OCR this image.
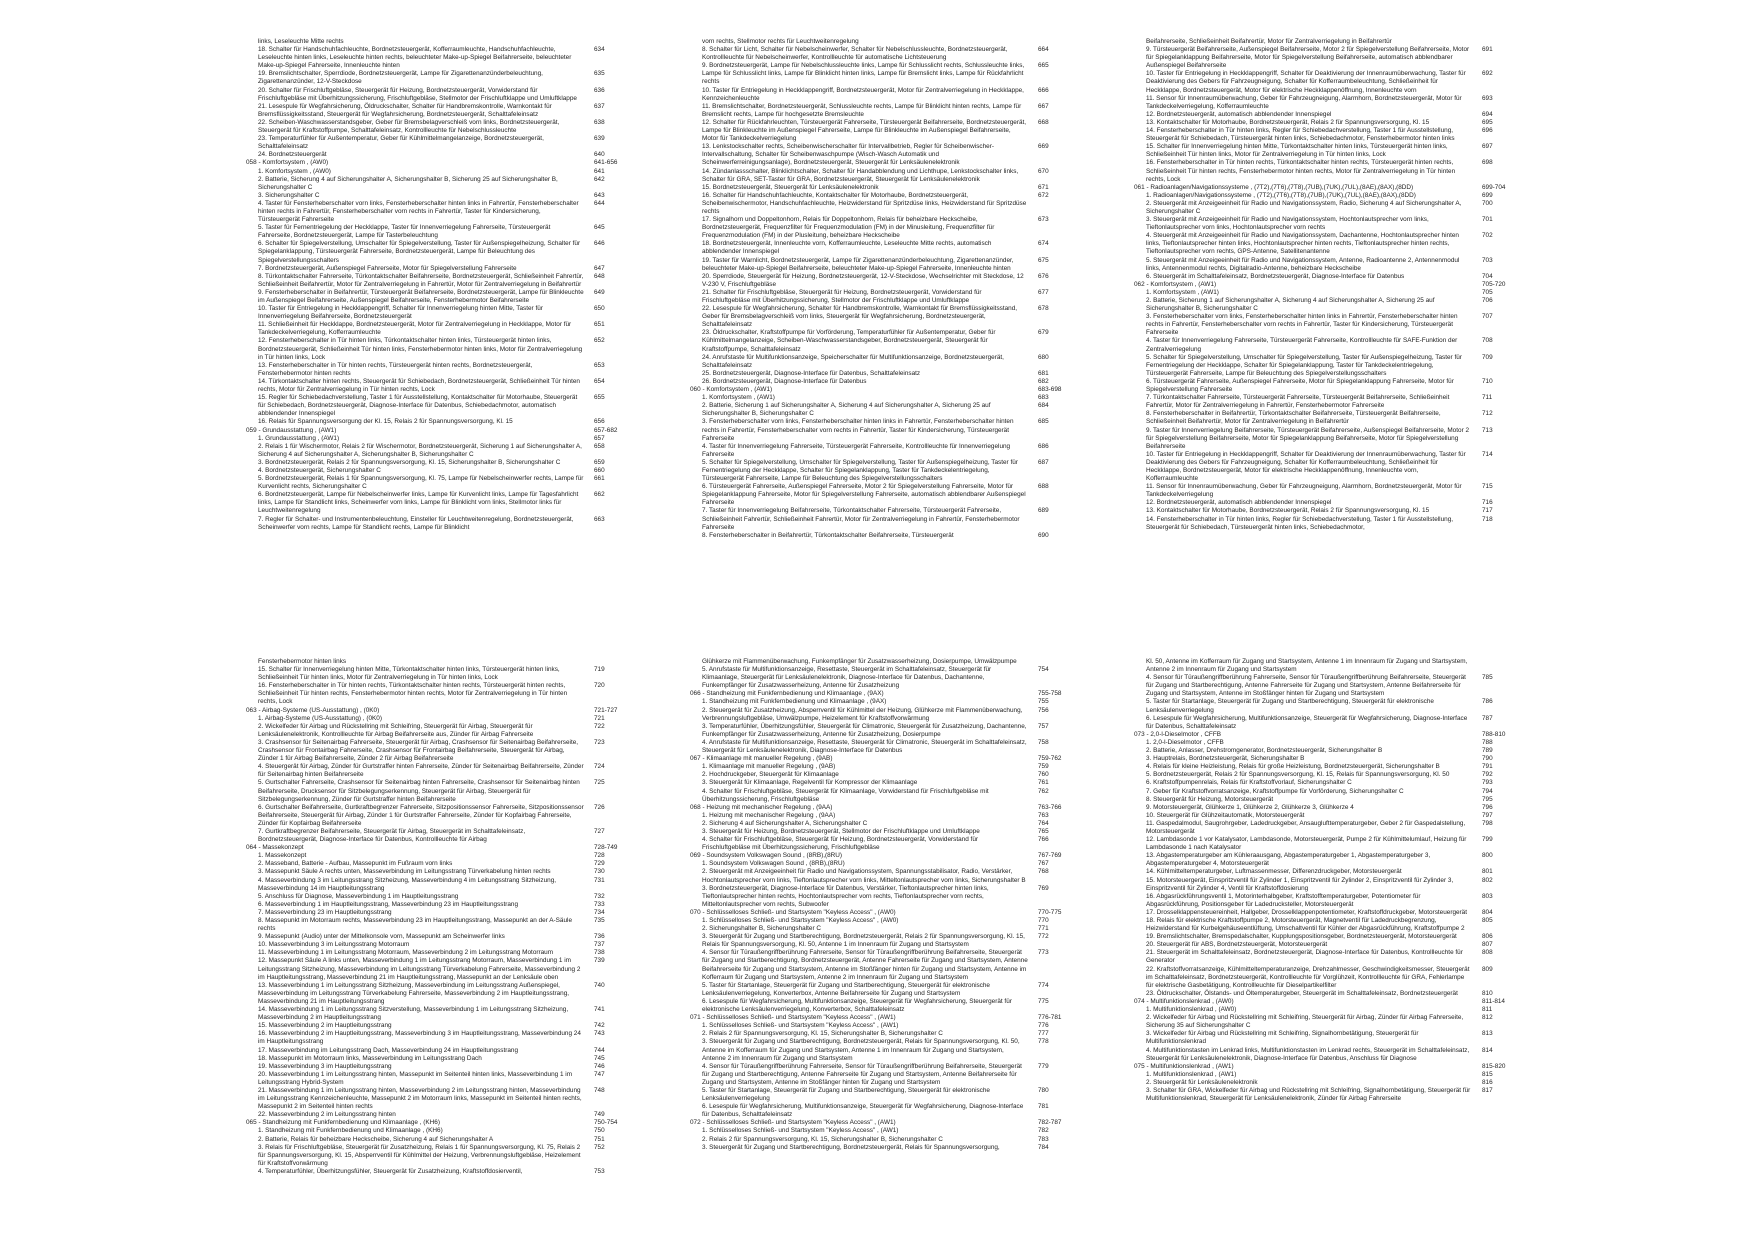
links, Leseleuchte Mitte rechts
18. Schalter für Handschuhfachleuchte, Bordnetzsteuergerät, Kofferraumleuchte, Handschuhfachleuchte, Leseleuchte hinten links, Leseleuchte hinten rechts, beleuchteter Make-up-Spiegel Beifahrerseite, beleuchteter Make-up-Spiegel Fahrerseite, Innenleuchte hinten
634
19. Bremslichtschalter, Sperrdiode, Bordnetzsteuergerät, Lampe für Zigarettenanzünderbeleuchtung, Zigarettenanzünder, 12-V-Steckdose
635
20. Schalter für Frischluftgebläse, Steuergerät für Heizung, Bordnetzsteuergerät, Vorwiderstand für Frischluftgebläse mit Überhitzungssicherung, Frischluftgebläse, Stellmotor der Frischluftklappe und Umluftklappe
636
21. Lesespule für Wegfahrsicherung, Öldruckschalter, Schalter für Handbremskontrolle, Warnkontakt für Bremsflüssigkeitsstand, Steuergerät für Wegfahrsicherung, Bordnetzsteuergerät, Schalttafeleinsatz
637
22. Scheiben-Waschwasserstandsgeber, Geber für Bremsbelagverschleiß vorn links, Bordnetzsteuergerät, Steuergerät für Kraftstoffpumpe, Schalttafeleinsatz, Kontrollleuchte für Nebelschlussleuchte
638
23. Temperaturfühler für Außentemperatur, Geber für Kühlmittelmangelanzeige, Bordnetzsteuergerät, Schalttafeleinsatz
639
24. Bordnetzsteuergerät	640
058 - Komfortsystem , (AW0)	641-656
1. Komfortsystem , (AW0)	641
2. Batterie, Sicherung 4 auf Sicherungshalter A, Sicherungshalter B, Sicherung 25 auf Sicherungshalter B, Sicherungshalter C
642
3. Sicherungshalter C	643
4. Taster für Fensterheberschalter vorn links, Fensterheberschalter hinten links in Fahrertür, Fensterheberschalter hinten rechts in Fahrertür, Fensterheberschalter vorn rechts in Fahrertür, Taster für Kindersicherung, Türsteuergerät Fahrerseite
644
5. Taster für Fernentriegelung der Heckklappe, Taster für Innenverriegelung Fahrerseite, Türsteuergerät Fahrerseite, Bordnetzsteuergerät, Lampe für Tasterbeleuchtung
645
6. Schalter für Spiegelverstellung, Umschalter für Spiegelverstellung, Taster für Außenspiegelheizung, Schalter für Spiegelanklappung, Türsteuergerät Fahrerseite, Bordnetzsteuergerät, Lampe für Beleuchtung des Spiegelverstellungsschalters
646
7. Bordnetzsteuergerät, Außenspiegel Fahrerseite, Motor für Spiegelverstellung Fahrerseite	647
8. Türkontaktschalter Fahrerseite, Türkontaktschalter Beifahrerseite, Bordnetzsteuergerät, Schließeinheit Fahrertür, Schließeinheit Beifahrertür, Motor für Zentralverriegelung in Fahrertür, Motor für Zentralverriegelung in Beifahrertür
648
9. Fensterheberschalter in Beifahrertür, Türsteuergerät Beifahrerseite, Bordnetzsteuergerät, Lampe für Blinkleuchte im Außenspiegel Beifahrerseite, Außenspiegel Beifahrerseite, Fensterhebermotor Beifahrerseite
649
10. Taster für Entriegelung in Heckklappengriff, Schalter für Innenverriegelung hinten Mitte, Taster für Innenverriegelung Beifahrerseite, Bordnetzsteuergerät
650
11. Schließeinheit für Heckklappe, Bordnetzsteuergerät, Motor für Zentralverriegelung in Heckklappe, Motor für Tankdeckelverriegelung, Kofferraumleuchte
651
12. Fensterheberschalter in Tür hinten links, Türkontaktschalter hinten links, Türsteuergerät hinten links, Bordnetzsteuergerät, Schließeinheit Tür hinten links, Fensterhebermotor hinten links, Motor für Zentralverriegelung in Tür hinten links, Lock
652
13. Fensterheberschalter in Tür hinten rechts, Türsteuergerät hinten rechts, Bordnetzsteuergerät, Fensterhebermotor hinten rechts
653
14. Türkontaktschalter hinten rechts, Steuergerät für Schiebedach, Bordnetzsteuergerät, Schließeinheit Tür hinten rechts, Motor für Zentralverriegelung in Tür hinten rechts, Lock
654
15. Regler für Schiebedachverstellung, Taster 1 für Ausstellstellung, Kontaktschalter für Motorhaube, Steuergerät für Schiebedach, Bordnetzsteuergerät, Diagnose-Interface für Datenbus, Schiebedachmotor, automatisch abblendender Innenspiegel
655
16. Relais für Spannungsversorgung der Kl. 15, Relais 2 für Spannungsversorgung, Kl. 15	656
059 - Grundausstattung , (AW1)	657-682
1. Grundausstattung , (AW1)	657
2. Relais 1 für Wischermotor, Relais 2 für Wischermotor, Bordnetzsteuergerät, Sicherung 1 auf Sicherungshalter A, Sicherung 4 auf Sicherungshalter A, Sicherungshalter B, Sicherungshalter C
658
3. Bordnetzsteuergerät, Relais 2 für Spannungsversorgung, Kl. 15, Sicherungshalter B, Sicherungshalter C	659
4. Bordnetzsteuergerät, Sicherungshalter C	660
5. Bordnetzsteuergerät, Relais 1 für Spannungsversorgung, Kl. 75, Lampe für Nebelscheinwerfer rechts, Lampe für Kurvenlicht rechts, Sicherungshalter C
661
6. Bordnetzsteuergerät, Lampe für Nebelscheinwerfer links, Lampe für Kurvenlicht links, Lampe für Tagesfahrlicht links, Lampe für Standlicht links, Scheinwerfer vorn links, Lampe für Blinklicht vorn links, Stellmotor links für Leuchtweitenregelung
662
7. Regler für Schalter- und Instrumentenbeleuchtung, Einsteller für Leuchtweitenregelung, Bordnetzsteuergerät, Scheinwerfer vorn rechts, Lampe für Standlicht rechts, Lampe für Blinklicht
663
vorn rechts, Stellmotor rechts für Leuchtweitenregelung
8. Schalter für Licht, Schalter für Nebelscheinwerfer, Schalter für Nebelschlussleuchte, Bordnetzsteuergerät, Kontrollleuchte für Nebelscheinwerfer, Kontrollleuchte für automatische Lichtsteuerung
664
9. Bordnetzsteuergerät, Lampe für Nebelschlussleuchte links, Lampe für Schlusslicht rechts, Schlussleuchte links, Lampe für Schlusslicht links, Lampe für Blinklicht hinten links, Lampe für Bremslicht links, Lampe für Rückfahrlicht rechts
665
10. Taster für Entriegelung in Heckklappengriff, Bordnetzsteuergerät, Motor für Zentralverriegelung in Heckklappe, Kennzeichenleuchte
666
11. Bremslichtschalter, Bordnetzsteuergerät, Schlussleuchte rechts, Lampe für Blinklicht hinten rechts, Lampe für Bremslicht rechts, Lampe für hochgesetzte Bremsleuchte
667
12. Schalter für Rückfahrleuchten, Türsteuergerät Fahrerseite, Türsteuergerät Beifahrerseite, Bordnetzsteuergerät, Lampe für Blinkleuchte im Außenspiegel Fahrerseite, Lampe für Blinkleuchte im Außenspiegel Beifahrerseite, Motor für Tankdeckelverriegelung
668
13. Lenkstockschalter rechts, Scheibenwischerschalter für Intervallbetrieb, Regler für Scheibenwischer-Intervallschaltung, Schalter für Scheibenwaschpumpe (Wisch-Wasch Automatik und Scheinwerferreinigungsanlage), Bordnetzsteuergerät, Steuergerät für Lenksäulenelektronik
669
14. Zündanlassschalter, Blinklichtschalter, Schalter für Handabblendung und Lichthupe, Lenkstockschalter links, Schalter für GRA, SET-Taster für GRA, Bordnetzsteuergerät, Steuergerät für Lenksäulenelektronik
670
15. Bordnetzsteuergerät, Steuergerät für Lenksäulenelektronik	671
16. Schalter für Handschuhfachleuchte, Kontaktschalter für Motorhaube, Bordnetzsteuergerät, Scheibenwischermotor, Handschuhfachleuchte, Heizwiderstand für Spritzdüse links, Heizwiderstand für Spritzdüse rechts
672
17. Signalhorn und Doppeltonhorn, Relais für Doppeltonhorn, Relais für beheizbare Heckscheibe, Bordnetzsteuergerät, Frequenzfilter für Frequenzmodulation (FM) in der Minusleitung, Frequenzfilter für Frequenzmodulation (FM) in der Plusleitung, beheizbare Heckscheibe
673
18. Bordnetzsteuergerät, Innenleuchte vorn, Kofferraumleuchte, Leseleuchte Mitte rechts, automatisch abblendender Innenspiegel
674
19. Taster für Warnlicht, Bordnetzsteuergerät, Lampe für Zigarettenanzünderbeleuchtung, Zigarettenanzünder, beleuchteter Make-up-Spiegel Beifahrerseite, beleuchteter Make-up-Spiegel Fahrerseite, Innenleuchte hinten
675
20. Sperrdiode, Steuergerät für Heizung, Bordnetzsteuergerät, 12-V-Steckdose, Wechselrichter mit Steckdose, 12 V-230 V, Frischluftgebläse
676
21. Schalter für Frischluftgebläse, Steuergerät für Heizung, Bordnetzsteuergerät, Vorwiderstand für Frischluftgebläse mit Überhitzungssicherung, Stellmotor der Frischluftklappe und Umluftklappe
677
22. Lesespule für Wegfahrsicherung, Schalter für Handbremskontrolle, Warnkontakt für Bremsflüssigkeitsstand, Geber für Bremsbelagverschleiß vorn links, Steuergerät für Wegfahrsicherung, Bordnetzsteuergerät, Schalttafeleinsatz
678
23. Öldruckschalter, Kraftstoffpumpe für Vorförderung, Temperaturfühler für Außentemperatur, Geber für Kühlmittelmangelanzeige, Scheiben-Waschwasserstandsgeber, Bordnetzsteuergerät, Steuergerät für Kraftstoffpumpe, Schalttafeleinsatz
679
24. Anrufstaste für Multifunktionsanzeige, Speicherschalter für Multifunktionsanzeige, Bordnetzsteuergerät, Schalttafeleinsatz
680
25. Bordnetzsteuergerät, Diagnose-Interface für Datenbus, Schalttafeleinsatz	681
26. Bordnetzsteuergerät, Diagnose-Interface für Datenbus	682
060 - Komfortsystem , (AW1)	683-698
1. Komfortsystem , (AW1)	683
2. Batterie, Sicherung 1 auf Sicherungshalter A, Sicherung 4 auf Sicherungshalter A, Sicherung 25 auf Sicherungshalter B, Sicherungshalter C
684
3. Fensterheberschalter vorn links, Fensterheberschalter hinten links in Fahrertür, Fensterheberschalter hinten rechts in Fahrertür, Fensterheberschalter vorn rechts in Fahrertür, Taster für Kindersicherung, Türsteuergerät Fahrerseite
685
4. Taster für Innenverriegelung Fahrerseite, Türsteuergerät Fahrerseite, Kontrollleuchte für Innenverriegelung Fahrerseite
686
5. Schalter für Spiegelverstellung, Umschalter für Spiegelverstellung, Taster für Außenspiegelheizung, Taster für Fernentriegelung der Heckklappe, Schalter für Spiegelanklappung, Taster für Tankdeckelentriegelung, Türsteuergerät Fahrerseite, Lampe für Beleuchtung des Spiegelverstellungsschalters
687
6. Türsteuergerät Fahrerseite, Außenspiegel Fahrerseite, Motor 2 für Spiegelverstellung Fahrerseite, Motor für Spiegelanklappung Fahrerseite, Motor für Spiegelverstellung Fahrerseite, automatisch abblendbarer Außenspiegel Fahrerseite
688
7. Taster für Innenverriegelung Beifahrerseite, Türkontaktschalter Fahrerseite, Türsteuergerät Fahrerseite, Schließeinheit Fahrertür, Schließeinheit Fahrertür, Motor für Zentralverriegelung in Fahrertür, Fensterhebermotor Fahrerseite
689
8. Fensterheberschalter in Beifahrertür, Türkontaktschalter Beifahrerseite, Türsteuergerät	690
Beifahrerseite, Schließeinheit Beifahrertür, Motor für Zentralverriegelung in Beifahrertür
9. Türsteuergerät Beifahrerseite, Außenspiegel Beifahrerseite, Motor 2 für Spiegelverstellung Beifahrerseite, Motor für Spiegelanklappung Beifahrerseite, Motor für Spiegelverstellung Beifahrerseite, automatisch abblendbarer Außenspiegel Beifahrerseite
691
10. Taster für Entriegelung in Heckklappengriff, Schalter für Deaktivierung der Innenraumüberwachung, Taster für Deaktivierung des Gebers für Fahrzeugneigung, Schalter für Kofferraumbeleuchtung, Schließeinheit für Heckklappe, Bordnetzsteuergerät, Motor für elektrische Heckklappenöffnung, Innenleuchte vorn
692
11. Sensor für Innenraumüberwachung, Geber für Fahrzeugneigung, Alarmhorn, Bordnetzsteuergerät, Motor für Tankdeckelverriegelung, Kofferraumleuchte
693
12. Bordnetzsteuergerät, automatisch abblendender Innenspiegel	694
13. Kontaktschalter für Motorhaube, Bordnetzsteuergerät, Relais 2 für Spannungsversorgung, Kl. 15	695
14. Fensterheberschalter in Tür hinten links, Regler für Schiebedachverstellung, Taster 1 für Ausstellstellung, Steuergerät für Schiebedach, Türsteuergerät hinten links, Schiebedachmotor, Fensterhebermotor hinten links
696
15. Schalter für Innenverriegelung hinten Mitte, Türkontaktschalter hinten links, Türsteuergerät hinten links, Schließeinheit Tür hinten links, Motor für Zentralverriegelung in Tür hinten links, Lock
697
16. Fensterheberschalter in Tür hinten rechts, Türkontaktschalter hinten rechts, Türsteuergerät hinten rechts, Schließeinheit Tür hinten rechts, Fensterhebermotor hinten rechts, Motor für Zentralverriegelung in Tür hinten rechts, Lock
698
061 - Radioanlagen/Navigationssysteme , (7T2),(7T6),(7T8),(7UB),(7UK),(7UL),(8AE),(8AX),(8DD)	699-704
1. Radioanlagen/Navigationssysteme , (7T2),(7T6),(7T8),(7UB),(7UK),(7UL),(8AE),(8AX),(8DD)	699
2. Steuergerät mit Anzeigeeinheit für Radio und Navigationssystem, Radio, Sicherung 4 auf Sicherungshalter A, Sicherungshalter C
700
3. Steuergerät mit Anzeigeeinheit für Radio und Navigationssystem, Hochtonlautsprecher vorn links, Tieftonlautsprecher vorn links, Hochtonlautsprecher vorn rechts
701
4. Steuergerät mit Anzeigeeinheit für Radio und Navigationssystem, Dachantenne, Hochtonlautsprecher hinten links, Tieftonlautsprecher hinten links, Hochtonlautsprecher hinten rechts, Tieftonlautsprecher hinten rechts, Tieftonlautsprecher vorn rechts, GPS-Antenne, Satellitenantenne
702
5. Steuergerät mit Anzeigeeinheit für Radio und Navigationssystem, Antenne, Radioantenne 2, Antennenmodul links, Antennenmodul rechts, Digitalradio-Antenne, beheizbare Heckscheibe
703
6. Steuergerät im Schalttafeleinsatz, Bordnetzsteuergerät, Diagnose-Interface für Datenbus	704
062 - Komfortsystem , (AW1)	705-720
1. Komfortsystem , (AW1)	705
2. Batterie, Sicherung 1 auf Sicherungshalter A, Sicherung 4 auf Sicherungshalter A, Sicherung 25 auf Sicherungshalter B, Sicherungshalter C
706
3. Fensterheberschalter vorn links, Fensterheberschalter hinten links in Fahrertür, Fensterheberschalter hinten rechts in Fahrertür, Fensterheberschalter vorn rechts in Fahrertür, Taster für Kindersicherung, Türsteuergerät Fahrerseite
707
4. Taster für Innenverriegelung Fahrerseite, Türsteuergerät Fahrerseite, Kontrollleuchte für SAFE-Funktion der Zentralverriegelung
708
5. Schalter für Spiegelverstellung, Umschalter für Spiegelverstellung, Taster für Außenspiegelheizung, Taster für Fernentriegelung der Heckklappe, Schalter für Spiegelanklappung, Taster für Tankdeckelentriegelung, Türsteuergerät Fahrerseite, Lampe für Beleuchtung des Spiegelverstellungsschalters
709
6. Türsteuergerät Fahrerseite, Außenspiegel Fahrerseite, Motor für Spiegelanklappung Fahrerseite, Motor für Spiegelverstellung Fahrerseite
710
7. Türkontaktschalter Fahrerseite, Türsteuergerät Fahrerseite, Türsteuergerät Beifahrerseite, Schließeinheit Fahrertür, Motor für Zentralverriegelung in Fahrertür, Fensterhebermotor Fahrerseite
711
8. Fensterheberschalter in Beifahrertür, Türkontaktschalter Beifahrerseite, Türsteuergerät Beifahrerseite, Schließeinheit Beifahrertür, Motor für Zentralverriegelung in Beifahrertür
712
9. Taster für Innenverriegelung Beifahrerseite, Türsteuergerät Beifahrerseite, Außenspiegel Beifahrerseite, Motor 2 für Spiegelverstellung Beifahrerseite, Motor für Spiegelanklappung Beifahrerseite, Motor für Spiegelverstellung Beifahrerseite
713
10. Taster für Entriegelung in Heckklappengriff, Schalter für Deaktivierung der Innenraumüberwachung, Taster für Deaktivierung des Gebers für Fahrzeugneigung, Schalter für Kofferraumbeleuchtung, Schließeinheit für Heckklappe, Bordnetzsteuergerät, Motor für elektrische Heckklappenöffnung, Innenleuchte vorn, Kofferraumleuchte
714
11. Sensor für Innenraumüberwachung, Geber für Fahrzeugneigung, Alarmhorn, Bordnetzsteuergerät, Motor für Tankdeckelverriegelung
715
12. Bordnetzsteuergerät, automatisch abblendender Innenspiegel	716
13. Kontaktschalter für Motorhaube, Bordnetzsteuergerät, Relais 2 für Spannungsversorgung, Kl. 15	717
14. Fensterheberschalter in Tür hinten links, Regler für Schiebedachverstellung, Taster 1 für Ausstellstellung, Steuergerät für Schiebedach, Türsteuergerät hinten links, Schiebedachmotor,
718
Fensterhebermotor hinten links
15. Schalter für Innenverriegelung hinten Mitte, Türkontaktschalter hinten links, Türsteuergerät hinten links, Schließeinheit Tür hinten links, Motor für Zentralverriegelung in Tür hinten links, Lock
719
16. Fensterheberschalter in Tür hinten rechts, Türkontaktschalter hinten rechts, Türsteuergerät hinten rechts, Schließeinheit Tür hinten rechts, Fensterhebermotor hinten rechts, Motor für Zentralverriegelung in Tür hinten rechts, Lock
720
063 - Airbag-Systeme (US-Ausstattung) , (0K0)	721-727
1. Airbag-Systeme (US-Ausstattung) , (0K0)	721
2. Wickelfeder für Airbag und Rückstellring mit Schleifring, Steuergerät für Airbag, Steuergerät für Lenksäulenelektronik, Kontrollleuchte für Airbag Beifahrerseite aus, Zünder für Airbag Fahrerseite
722
3. Crashsensor für Seitenairbag Fahrerseite, Steuergerät für Airbag, Crashsensor für Seitenairbag Beifahrerseite, Crashsensor für Frontairbag Fahrerseite, Crashsensor für Frontairbag Beifahrerseite, Steuergerät für Airbag, Zünder 1 für Airbag Beifahrerseite, Zünder 2 für Airbag Beifahrerseite
723
4. Steuergerät für Airbag, Zünder für Gurtstraffer hinten Fahrerseite, Zünder für Seitenairbag Beifahrerseite, Zünder für Seitenairbag hinten Beifahrerseite
724
5. Gurtschalter Fahrerseite, Crashsensor für Seitenairbag hinten Fahrerseite, Crashsensor für Seitenairbag hinten Beifahrerseite, Drucksensor für Sitzbelegungserkennung, Steuergerät für Airbag, Steuergerät für Sitzbelegungserkennung, Zünder für Gurtstraffer hinten Beifahrerseite
725
6. Gurtschalter Beifahrerseite, Gurtkraftbegrenzer Fahrerseite, Sitzpositionssensor Fahrerseite, Sitzpositionssensor Beifahrerseite, Steuergerät für Airbag, Zünder 1 für Gurtstraffer Fahrerseite, Zünder für Kopfairbag Fahrerseite, Zünder für Kopfairbag Beifahrerseite
726
7. Gurtkraftbegrenzer Beifahrerseite, Steuergerät für Airbag, Steuergerät im Schalttafeleinsatz, Bordnetzsteuergerät, Diagnose-Interface für Datenbus, Kontrollleuchte für Airbag
727
064 - Massekonzept	728-749
1. Massekonzept	728
2. Masseband, Batterie - Aufbau, Massepunkt im Fußraum vorn links	729
3. Massepunkt Säule A rechts unten, Masseverbindung im Leitungsstrang Türverkabelung hinten rechts	730
4. Masseverbindung 3 im Leitungsstrang Sitzheizung, Masseverbindung 4 im Leitungsstrang Sitzheizung, Masseverbindung 14 im Hauptleitungsstrang
731
5. Anschluss für Diagnose, Masseverbindung 1 im Hauptleitungsstrang	732
6. Masseverbindung 1 im Hauptleitungsstrang, Masseverbindung 23 im Hauptleitungsstrang	733
7. Masseverbindung 23 im Hauptleitungsstrang	734
8. Massepunkt im Motorraum rechts, Masseverbindung 23 im Hauptleitungsstrang, Massepunkt an der A-Säule rechts
735
9. Massepunkt (Audio) unter der Mittelkonsole vorn, Massepunkt am Scheinwerfer links	736
10. Masseverbindung 3 im Leitungsstrang Motorraum	737
11. Masseverbindung 1 im Leitungsstrang Motorraum, Masseverbindung 2 im Leitungsstrang Motorraum	738
12. Massepunkt Säule A links unten, Masseverbindung 1 im Leitungsstrang Motorraum, Masseverbindung 1 im Leitungsstrang Sitzheizung, Masseverbindung im Leitungsstrang Türverkabelung Fahrerseite, Masseverbindung 2 im Hauptleitungsstrang, Masseverbindung 21 im Hauptleitungsstrang, Massepunkt an der Lenksäule oben
739
13. Masseverbindung 1 im Leitungsstrang Sitzheizung, Masseverbindung im Leitungsstrang Außenspiegel, Masseverbindung im Leitungsstrang Türverkabelung Fahrerseite, Masseverbindung 2 im Hauptleitungsstrang, Masseverbindung 21 im Hauptleitungsstrang
740
14. Masseverbindung 1 im Leitungsstrang Sitzverstellung, Masseverbindung 1 im Leitungsstrang Sitzheizung, Masseverbindung 2 im Hauptleitungsstrang
741
15. Masseverbindung 2 im Hauptleitungsstrang	742
16. Masseverbindung 2 im Hauptleitungsstrang, Masseverbindung 3 im Hauptleitungsstrang, Masseverbindung 24 im Hauptleitungsstrang
743
17. Masseverbindung im Leitungsstrang Dach, Masseverbindung 24 im Hauptleitungsstrang	744
18. Massepunkt im Motorraum links, Masseverbindung im Leitungsstrang Dach	745
19. Masseverbindung 3 im Hauptleitungsstrang	746
20. Masseverbindung 1 im Leitungsstrang hinten, Massepunkt im Seitenteil hinten links, Masseverbindung 1 im Leitungsstrang Hybrid-System
747
21. Masseverbindung 1 im Leitungsstrang hinten, Masseverbindung 2 im Leitungsstrang hinten, Masseverbindung im Leitungsstrang Kennzeichenleuchte, Massepunkt 2 im Motorraum links, Massepunkt im Seitenteil hinten rechts, Massepunkt 2 im Seitenteil hinten rechts
748
22. Masseverbindung 2 im Leitungsstrang hinten	749
065 - Standheizung mit Funkfernbedienung und Klimaanlage , (KH6)	750-754
1. Standheizung mit Funkfernbedienung und Klimaanlage , (KH6)	750
2. Batterie, Relais für beheizbare Heckscheibe, Sicherung 4 auf Sicherungshalter A	751
3. Relais für Frischluftgebläse, Steuergerät für Zusatzheizung, Relais 1 für Spannungsversorgung, Kl. 75, Relais 2 für Spannungsversorgung, Kl. 15, Absperrventil für Kühlmittel der Heizung, Verbrennungsluftgebläse, Heizelement für Kraftstoffvorwärmung
752
4. Temperaturfühler, Überhitzungsfühler, Steuergerät für Zusatzheizung, Kraftstoffdosierventil,	753
Glühkerze mit Flammenüberwachung, Funkempfänger für Zusatzwasserheizung, Dosierpumpe, Umwälzpumpe
5. Anrufstaste für Multifunktionsanzeige, Resettaste, Steuergerät im Schalttafeleinsatz, Steuergerät für Klimaanlage, Steuergerät für Lenksäulenelektronik, Diagnose-Interface für Datenbus, Dachantenne, Funkempfänger für Zusatzwasserheizung, Antenne für Zusatzheizung
754
066 - Standheizung mit Funkfernbedienung und Klimaanlage , (9AX)	755-758
1. Standheizung mit Funkfernbedienung und Klimaanlage , (9AX)	755
2. Steuergerät für Zusatzheizung, Absperrventil für Kühlmittel der Heizung, Glühkerze mit Flammenüberwachung, Verbrennungsluftgebläse, Umwälzpumpe, Heizelement für Kraftstoffvorwärmung
756
3. Temperaturfühler, Überhitzungsfühler, Steuergerät für Climatronic, Steuergerät für Zusatzheizung, Dachantenne, Funkempfänger für Zusatzwasserheizung, Antenne für Zusatzheizung, Dosierpumpe
757
4. Anrufstaste für Multifunktionsanzeige, Resettaste, Steuergerät für Climatronic, Steuergerät im Schalttafeleinsatz, Steuergerät für Lenksäulenelektronik, Diagnose-Interface für Datenbus
758
067 - Klimaanlage mit manueller Regelung , (9AB)	759-762
1. Klimaanlage mit manueller Regelung , (9AB)	759
2. Hochdruckgeber, Steuergerät für Klimaanlage	760
3. Steuergerät für Klimaanlage, Regelventil für Kompressor der Klimaanlage	761
4. Schalter für Frischluftgebläse, Steuergerät für Klimaanlage, Vorwiderstand für Frischluftgebläse mit Überhitzungssicherung, Frischluftgebläse
762
068 - Heizung mit mechanischer Regelung , (9AA)	763-766
1. Heizung mit mechanischer Regelung , (9AA)	763
2. Sicherung 4 auf Sicherungshalter A, Sicherungshalter C	764
3. Steuergerät für Heizung, Bordnetzsteuergerät, Stellmotor der Frischluftklappe und Umluftklappe	765
4. Schalter für Frischluftgebläse, Steuergerät für Heizung, Bordnetzsteuergerät, Vorwiderstand für Frischluftgebläse mit Überhitzungssicherung, Frischluftgebläse
766
069 - Soundsystem Volkswagen Sound , (8RB),(8RU)	767-769
1. Soundsystem Volkswagen Sound , (8RB),(8RU)	767
2. Steuergerät mit Anzeigeeinheit für Radio und Navigationssystem, Spannungsstabilisator, Radio, Verstärker, Hochtonlautsprecher vorn links, Tieftonlautsprecher vorn links, Mitteltonlautsprecher vorn links, Sicherungshalter B
768
3. Bordnetzsteuergerät, Diagnose-Interface für Datenbus, Verstärker, Tieftonlautsprecher hinten links, Tieftonlautsprecher hinten rechts, Hochtonlautsprecher vorn rechts, Tieftonlautsprecher vorn rechts, Mitteltonlautsprecher vorn rechts, Subwoofer
769
070 - Schlüsselloses Schließ- und Startsystem "Keyless Access" , (AW0)	770-775
1. Schlüsselloses Schließ- und Startsystem "Keyless Access" , (AW0)	770
2. Sicherungshalter B, Sicherungshalter C	771
3. Steuergerät für Zugang und Startberechtigung, Bordnetzsteuergerät, Relais 2 für Spannungsversorgung, Kl. 15, Relais für Spannungsversorgung, Kl. 50, Antenne 1 im Innenraum für Zugang und Startsystem
772
4. Sensor für Türaußengriffberührung Fahrerseite, Sensor für Türaußengriffberührung Beifahrerseite, Steuergerät für Zugang und Startberechtigung, Bordnetzsteuergerät, Antenne Fahrerseite für Zugang und Startsystem, Antenne Beifahrerseite für Zugang und Startsystem, Antenne im Stoßfänger hinten für Zugang und Startsystem, Antenne im Kofferraum für Zugang und Startsystem, Antenne 2 im Innenraum für Zugang und Startsystem
773
5. Taster für Startanlage, Steuergerät für Zugang und Startberechtigung, Steuergerät für elektronische Lenksäulenverriegelung, Konverterbox, Antenne Beifahrerseite für Zugang und Startsystem
774
6. Lesespule für Wegfahrsicherung, Multifunktionsanzeige, Steuergerät für Wegfahrsicherung, Steuergerät für elektronische Lenksäulenverriegelung, Konverterbox, Schalttafeleinsatz
775
071 - Schlüsselloses Schließ- und Startsystem "Keyless Access" , (AW1)	776-781
1. Schlüsselloses Schließ- und Startsystem "Keyless Access" , (AW1)	776
2. Relais 2 für Spannungsversorgung, Kl. 15, Sicherungshalter B, Sicherungshalter C	777
3. Steuergerät für Zugang und Startberechtigung, Bordnetzsteuergerät, Relais für Spannungsversorgung, Kl. 50, Antenne im Kofferraum für Zugang und Startsystem, Antenne 1 im Innenraum für Zugang und Startsystem, Antenne 2 im Innenraum für Zugang und Startsystem
778
4. Sensor für Türaußengriffberührung Fahrerseite, Sensor für Türaußengriffberührung Beifahrerseite, Steuergerät für Zugang und Startberechtigung, Antenne Fahrerseite für Zugang und Startsystem, Antenne Beifahrerseite für Zugang und Startsystem, Antenne im Stoßfänger hinten für Zugang und Startsystem
779
5. Taster für Startanlage, Steuergerät für Zugang und Startberechtigung, Steuergerät für elektronische Lenksäulenverriegelung
780
6. Lesespule für Wegfahrsicherung, Multifunktionsanzeige, Steuergerät für Wegfahrsicherung, Diagnose-Interface für Datenbus, Schalttafeleinsatz
781
072 - Schlüsselloses Schließ- und Startsystem "Keyless Access" , (AW1)	782-787
1. Schlüsselloses Schließ- und Startsystem "Keyless Access" , (AW1)	782
2. Relais 2 für Spannungsversorgung, Kl. 15, Sicherungshalter B, Sicherungshalter C	783
3. Steuergerät für Zugang und Startberechtigung, Bordnetzsteuergerät, Relais für Spannungsversorgung,	784
Kl. 50, Antenne im Kofferraum für Zugang und Startsystem, Antenne 1 im Innenraum für Zugang und Startsystem, Antenne 2 im Innenraum für Zugang und Startsystem
4. Sensor für Türaußengriffberührung Fahrerseite, Sensor für Türaußengriffberührung Beifahrerseite, Steuergerät für Zugang und Startberechtigung, Antenne Fahrerseite für Zugang und Startsystem, Antenne Beifahrerseite für Zugang und Startsystem, Antenne im Stoßfänger hinten für Zugang und Startsystem
785
5. Taster für Startanlage, Steuergerät für Zugang und Startberechtigung, Steuergerät für elektronische Lenksäulenverriegelung
786
6. Lesespule für Wegfahrsicherung, Multifunktionsanzeige, Steuergerät für Wegfahrsicherung, Diagnose-Interface für Datenbus, Schalttafeleinsatz
787
073 - 2,0-l-Dieselmotor , CFFB	788-810
1. 2,0-l-Dieselmotor , CFFB	788
2. Batterie, Anlasser, Drehstromgenerator, Bordnetzsteuergerät, Sicherungshalter B	789
3. Hauptrelais, Bordnetzsteuergerät, Sicherungshalter B	790
4. Relais für kleine Heizleistung, Relais für große Heizleistung, Bordnetzsteuergerät, Sicherungshalter B	791
5. Bordnetzsteuergerät, Relais 2 für Spannungsversorgung, Kl. 15, Relais für Spannungsversorgung, Kl. 50	792
6. Kraftstoffpumpenrelais, Relais für Kraftstoffvorlauf, Sicherungshalter C	793
7. Geber für Kraftstoffvorratsanzeige, Kraftstoffpumpe für Vorförderung, Sicherungshalter C	794
8. Steuergerät für Heizung, Motorsteuergerät	795
9. Motorsteuergerät, Glühkerze 1, Glühkerze 2, Glühkerze 3, Glühkerze 4	796
10. Steuergerät für Glühzeitautomatik, Motorsteuergerät	797
11. Gaspedalmodul, Saugrohrgeber, Ladedruckgeber, Ansauglufttemperaturgeber, Geber 2 für Gaspedalstellung, Motorsteuergerät
798
12. Lambdasonde 1 vor Katalysator, Lambdasonde, Motorsteuergerät, Pumpe 2 für Kühlmittelumlauf, Heizung für Lambdasonde 1 nach Katalysator
799
13. Abgastemperaturgeber am Kühleraausgang, Abgastemperaturgeber 1, Abgastemperaturgeber 3, Abgastemperaturgeber 4, Motorsteuergerät
800
14. Kühlmitteltemperaturgeber, Luftmassenmesser, Differenzdruckgeber, Motorsteuergerät	801
15. Motorsteuergerät, Einspritzventil für Zylinder 1, Einspritzventil für Zylinder 2, Einspritzventil für Zylinder 3, Einspritzventil für Zylinder 4, Ventil für Kraftstoffdosierung
802
16. Abgasrückführungsventil 1, Motorinterhalbgeber, Kraftstofftemperaturgeber, Potentiometer für Abgasrückführung, Positionsgeber für Ladedrucksteller, Motorsteuergerät
803
17. Drosselklappensteuereinheit, Hallgeber, Drosselklappenpotentiometer, Kraftstoffdruckgeber, Motorsteuergerät	804
18. Relais für elektrische Kraftstoffpumpe 2, Motorsteuergerät, Magnetventil für Ladedruckbegrenzung, Heizwiderstand für Kurbelgehäuseentlüftung, Umschaltventil für Kühler der Abgasrückführung, Kraftstoffpumpe 2
805
19. Bremslichtschalter, Bremspedalschalter, Kupplungspositionsgeber, Bordnetzsteuergerät, Motorsteuergerät	806
20. Steuergerät für ABS, Bordnetzsteuergerät, Motorsteuergerät	807
21. Steuergerät im Schalttafeleinsatz, Bordnetzsteuergerät, Diagnose-Interface für Datenbus, Kontrollleuchte für Generator
808
22. Kraftstoffvorratsanzeige, Kühlmitteltemperaturanzeige, Drehzahlmesser, Geschwindigkeitsmesser, Steuergerät im Schalttafeleinsatz, Bordnetzsteuergerät, Kontrollleuchte für Vorglühzeit, Kontrollleuchte für GRA, Fehlerlampe für elektrische Gasbetätigung, Kontrollleuchte für Dieselpartikelfilter
809
23. Öldruckschalter, Ölstands- und Öltemperaturgeber, Steuergerät im Schalttafeleinsatz, Bordnetzsteuergerät	810
074 - Multifunktionslenkrad , (AW0)	811-814
1. Multifunktionslenkrad , (AW0)	811
2. Wickelfeder für Airbag und Rückstellring mit Schleifring, Steuergerät für Airbag, Zünder für Airbag Fahrerseite, Sicherung 35 auf Sicherungshalter C
812
3. Wickelfeder für Airbag und Rückstellring mit Schleifring, Signalhornbetätigung, Steuergerät für Multifunktionslenkrad
813
4. Multifunktionstasten im Lenkrad links, Multifunktionstasten im Lenkrad rechts, Steuergerät im Schalttafeleinsatz, Steuergerät für Lenksäulenelektronik, Diagnose-Interface für Datenbus, Anschluss für Diagnose
814
075 - Multifunktionslenkrad , (AW1)	815-820
1. Multifunktionslenkrad , (AW1)	815
2. Steuergerät für Lenksäulenelektronik	816
3. Schalter für GRA, Wickelfeder für Airbag und Rückstellring mit Schleifring, Signalhornbetätigung, Steuergerät für Multifunktionslenkrad, Steuergerät für Lenksäulenelektronik, Zünder für Airbag Fahrerseite
817
